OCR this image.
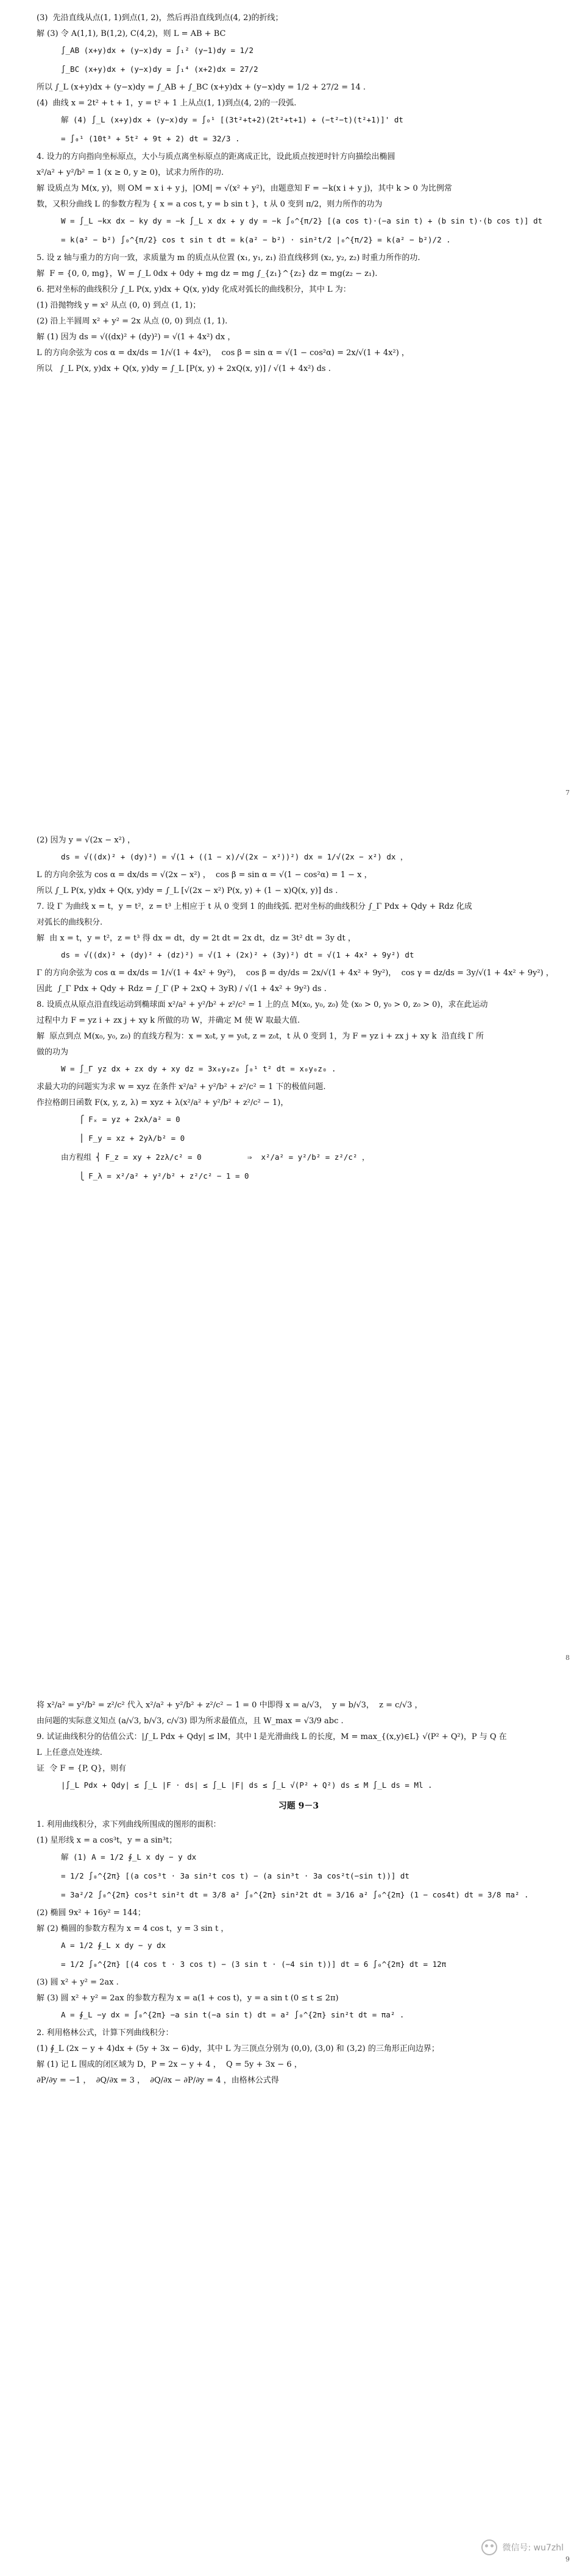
(3)  先沿直线从点(1, 1)到点(1, 2)，然后再沿直线到点(4, 2)的折线；
解 (3) 令 A(1,1), B(1,2), C(4,2)，则 L = AB + BC
∫_AB (x+y)dx + (y−x)dy = ∫₁² (y−1)dy = 1/2
∫_BC (x+y)dx + (y−x)dy = ∫₁⁴ (x+2)dx = 27/2
所以 ∫_L (x+y)dx + (y−x)dy = ∫_AB + ∫_BC (x+y)dx + (y−x)dy = 1/2 + 27/2 = 14 .
(4)  曲线 x = 2t² + t + 1，y = t² + 1 上从点(1, 1)到点(4, 2)的一段弧.
解 (4) ∫_L (x+y)dx + (y−x)dy = ∫₀¹ [(3t²+t+2)(2t²+t+1) + (−t²−t)(t²+1)]' dt
= ∫₀¹ (10t³ + 5t² + 9t + 2) dt = 32/3 .
4. 设力的方向指向坐标原点，大小与质点离坐标原点的距离成正比，设此质点按逆时针方向描绘出椭圆
x²/a² + y²/b² = 1 (x ≥ 0, y ≥ 0)，试求力所作的功.
解 设质点为 M(x, y)，则 OM = x i + y j，|OM| = √(x² + y²)，由题意知 F = −k(x i + y j)，其中 k > 0 为比例常
数，又积分曲线 L 的参数方程为 { x = a cos t, y = b sin t }，t 从 0 变到 π/2，则力所作的功为
W = ∫_L −kx dx − ky dy = −k ∫_L x dx + y dy = −k ∫₀^{π/2} [(a cos t)·(−a sin t) + (b sin t)·(b cos t)] dt
= k(a² − b²) ∫₀^{π/2} cos t sin t dt = k(a² − b²) · sin²t/2 |₀^{π/2} = k(a² − b²)/2 .
5. 设 z 轴与重力的方向一致，求质量为 m 的质点从位置 (x₁, y₁, z₁) 沿直线移到 (x₂, y₂, z₂) 时重力所作的功.
解  F = {0, 0, mg}，W = ∫_L 0dx + 0dy + mg dz = mg ∫_{z₁}^{z₂} dz = mg(z₂ − z₁).
6. 把对坐标的曲线积分 ∫_L P(x, y)dx + Q(x, y)dy 化成对弧长的曲线积分，其中 L 为：
(1) 沿抛物线 y = x² 从点 (0, 0) 到点 (1, 1)；
(2) 沿上半圆周 x² + y² = 2x 从点 (0, 0) 到点 (1, 1).
解 (1) 因为 ds = √((dx)² + (dy)²) = √(1 + 4x²) dx ，
L 的方向余弦为 cos α = dx/ds = 1/√(1 + 4x²)，  cos β = sin α = √(1 − cos²α) = 2x/√(1 + 4x²) ，
所以   ∫_L P(x, y)dx + Q(x, y)dy = ∫_L [P(x, y) + 2xQ(x, y)] / √(1 + 4x²) ds .
7
(2) 因为 y = √(2x − x²) ，
ds = √((dx)² + (dy)²) = √(1 + ((1 − x)/√(2x − x²))²) dx = 1/√(2x − x²) dx ，
L 的方向余弦为 cos α = dx/ds = √(2x − x²) ，  cos β = sin α = √(1 − cos²α) = 1 − x ，
所以 ∫_L P(x, y)dx + Q(x, y)dy = ∫_L [√(2x − x²) P(x, y) + (1 − x)Q(x, y)] ds .
7. 设 Γ 为曲线 x = t，y = t²，z = t³ 上相应于 t 从 0 变到 1 的曲线弧. 把对坐标的曲线积分 ∫_Γ Pdx + Qdy + Rdz 化成
对弧长的曲线积分.
解  由 x = t，y = t²，z = t³ 得 dx = dt，dy = 2t dt = 2x dt，dz = 3t² dt = 3y dt ，
ds = √((dx)² + (dy)² + (dz)²) = √(1 + (2x)² + (3y)²) dt = √(1 + 4x² + 9y²) dt
Γ 的方向余弦为 cos α = dx/ds = 1/√(1 + 4x² + 9y²)，  cos β = dy/ds = 2x/√(1 + 4x² + 9y²)，  cos γ = dz/ds = 3y/√(1 + 4x² + 9y²) ，
因此  ∫_Γ Pdx + Qdy + Rdz = ∫_Γ (P + 2xQ + 3yR) / √(1 + 4x² + 9y²) ds .
8. 设质点从原点沿直线运动到椭球面 x²/a² + y²/b² + z²/c² = 1 上的点 M(x₀, y₀, z₀) 处 (x₀ > 0, y₀ > 0, z₀ > 0)，求在此运动
过程中力 F = yz i + zx j + xy k 所做的功 W，并确定 M 使 W 取最大值.
解  原点到点 M(x₀, y₀, z₀) 的直线方程为：x = x₀t, y = y₀t, z = z₀t，t 从 0 变到 1，为 F = yz i + zx j + xy k  沿直线 Γ 所
做的功为
W = ∫_Γ yz dx + zx dy + xy dz = 3x₀y₀z₀ ∫₀¹ t² dt = x₀y₀z₀ .
求最大功的问题实为求 w = xyz 在条件 x²/a² + y²/b² + z²/c² = 1 下的极值问题.
作拉格朗日函数 F(x, y, z, λ) = xyz + λ(x²/a² + y²/b² + z²/c² − 1)，
⎧ Fₓ = yz + 2xλ/a² = 0
⎪ F_y = xz + 2yλ/b² = 0
由方程组 ⎨ F_z = xy + 2zλ/c² = 0          ⇒  x²/a² = y²/b² = z²/c² ，
⎩ F_λ = x²/a² + y²/b² + z²/c² − 1 = 0
8
将 x²/a² = y²/b² = z²/c² 代入 x²/a² + y²/b² + z²/c² − 1 = 0 中即得 x = a/√3，  y = b/√3，  z = c/√3 ，
由问题的实际意义知点 (a/√3, b/√3, c/√3) 即为所求最值点，且 W_max = √3/9 abc .
9. 试证曲线积分的估值公式：|∫_L Pdx + Qdy| ≤ lM，其中 l 是光滑曲线 L 的长度，M = max_{(x,y)∈L} √(P² + Q²)，P 与 Q 在
L 上任意点处连续.
证  令 F = {P, Q}，则有
|∫_L Pdx + Qdy| ≤ ∫_L |F · ds| ≤ ∫_L |F| ds ≤ ∫_L √(P² + Q²) ds ≤ M ∫_L ds = Ml .
习题 9－3
1. 利用曲线积分，求下列曲线所围成的图形的面积：
(1) 星形线 x = a cos³t，y = a sin³t；
解 (1) A = 1/2 ∮_L x dy − y dx
= 1/2 ∫₀^{2π} [(a cos³t · 3a sin²t cos t) − (a sin³t · 3a cos²t(−sin t))] dt
= 3a²/2 ∫₀^{2π} cos²t sin²t dt = 3/8 a² ∫₀^{2π} sin²2t dt = 3/16 a² ∫₀^{2π} (1 − cos4t) dt = 3/8 πa² .
(2) 椭圆 9x² + 16y² = 144；
解 (2) 椭圆的参数方程为 x = 4 cos t，y = 3 sin t ，
A = 1/2 ∮_L x dy − y dx
= 1/2 ∫₀^{2π} [(4 cos t · 3 cos t) − (3 sin t · (−4 sin t))] dt = 6 ∫₀^{2π} dt = 12π
(3) 圆 x² + y² = 2ax .
解 (3) 圆 x² + y² = 2ax 的参数方程为 x = a(1 + cos t)，y = a sin t (0 ≤ t ≤ 2π)
A = ∮_L −y dx = ∫₀^{2π} −a sin t(−a sin t) dt = a² ∫₀^{2π} sin²t dt = πa² .
2. 利用格林公式，计算下列曲线积分：
(1) ∮_L (2x − y + 4)dx + (5y + 3x − 6)dy，其中 L 为三顶点分别为 (0,0), (3,0) 和 (3,2) 的三角形正向边界；
解 (1) 记 L 围成的闭区域为 D，P = 2x − y + 4 ，  Q = 5y + 3x − 6 ，
∂P/∂y = −1 ，  ∂Q/∂x = 3 ，  ∂Q/∂x − ∂P/∂y = 4 ，由格林公式得
微信号: wu7zhl
9
